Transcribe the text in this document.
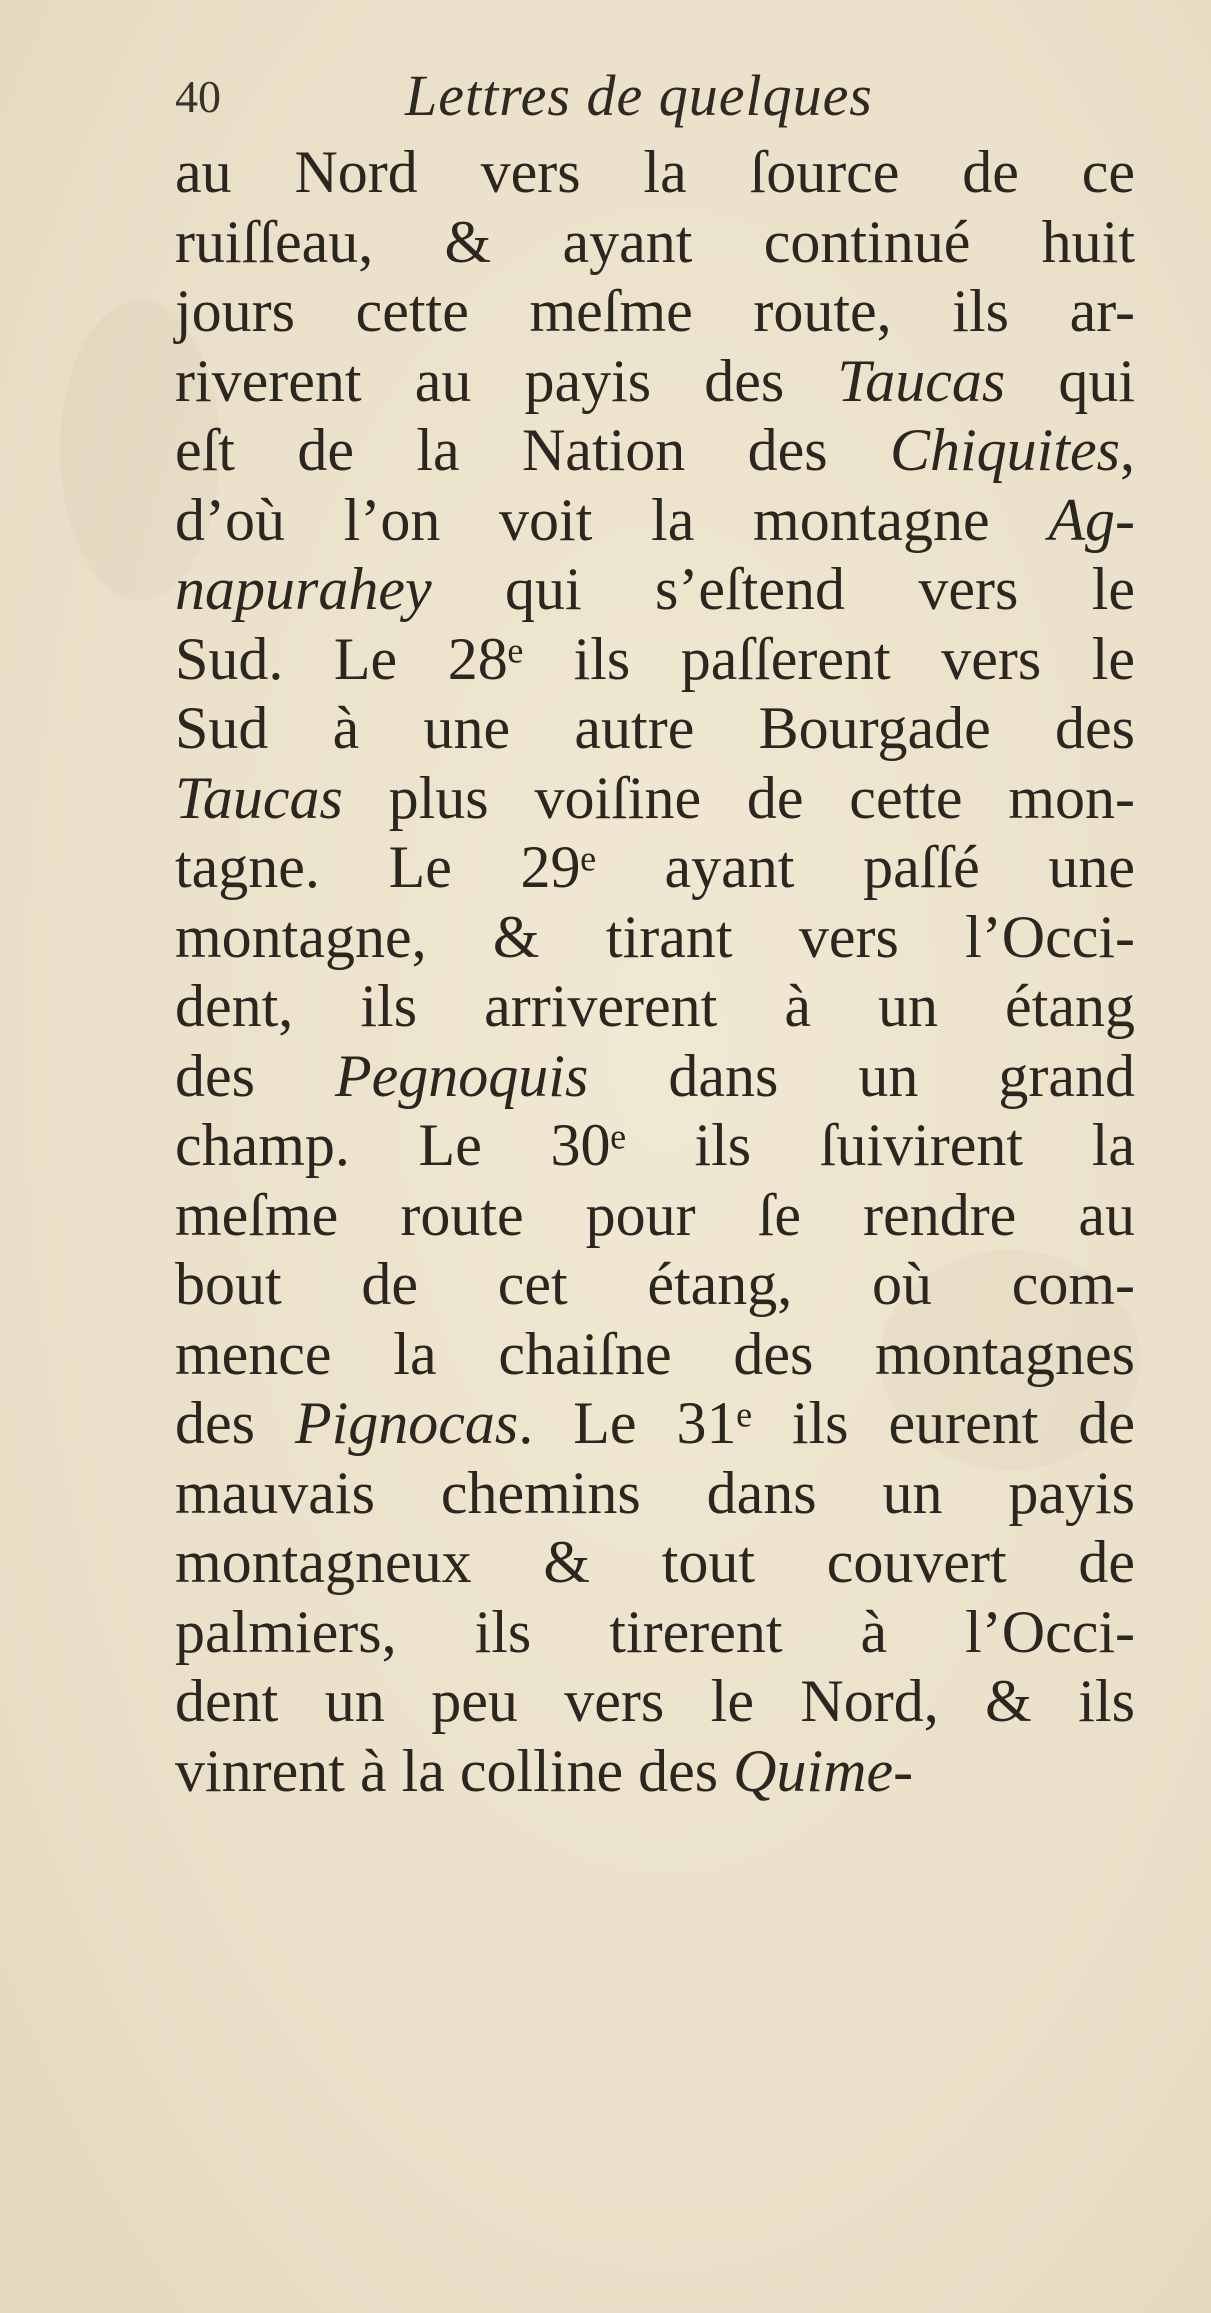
40	Lettres de quelques
au Nord vers la ſource de ce
ruiſſeau, & ayant continué huit
jours cette meſme route, ils ar-
riverent au payis des Taucas qui
eſt de la Nation des Chiquites,
d’où l’on voit la montagne Ag-
napurahey qui s’eſtend vers le
Sud. Le 28ᵉ ils paſſerent vers le
Sud à une autre Bourgade des
Taucas plus voiſine de cette mon-
tagne. Le 29ᵉ ayant paſſé une
montagne, & tirant vers l’Occi-
dent, ils arriverent à un étang
des Pegnoquis dans un grand
champ. Le 30ᵉ ils ſuivirent la
meſme route pour ſe rendre au
bout de cet étang, où com-
mence la chaiſne des montagnes
des Pignocas. Le 31ᵉ ils eurent de
mauvais chemins dans un payis
montagneux & tout couvert de
palmiers, ils tirerent à l’Occi-
dent un peu vers le Nord, & ils
vinrent à la colline des Quime-
